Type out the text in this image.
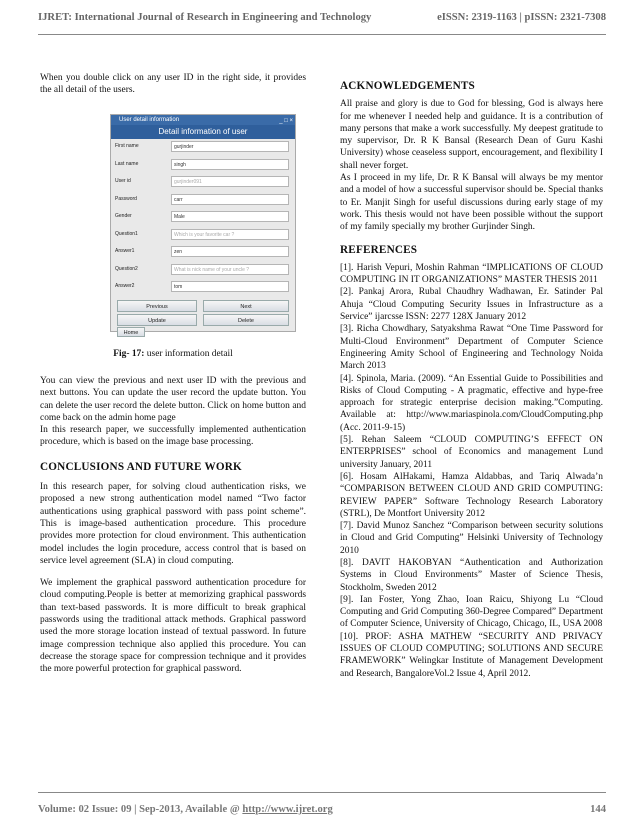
IJRET: International Journal of Research in Engineering and Technology	eISSN: 2319-1163 | pISSN: 2321-7308

When you double click on any user ID in the right side, it provides the all detail of the users.

User detail information	_ □ ×
Detail information of user
First name	gurjinder
Last name	singh
User id	gurjinder091
Password	carr
Gender	Male
Question1	Which is your favorite car ?
Answer1	zen
Question2	What is nick name of your uncle ?
Answer2	tom
Previous	Next
Update	Delete
Home
Fig- 17: user information detail

You can view the previous and next user ID with the previous and next buttons. You can update the user record the update button. You can delete the user record the delete button. Click on home button and come back on the admin home page

In this research paper, we successfully implemented authentication procedure, which is based on the image base processing.

CONCLUSIONS AND FUTURE WORK

In this research paper, for solving cloud authentication risks, we proposed a new strong authentication model named “Two factor authentications using graphical password with pass point scheme”. This is image-based authentication procedure. This procedure provides more protection for cloud environment. This authentication model includes the login procedure, access control that is based on service level agreement (SLA) in cloud computing.

We implement the graphical password authentication procedure for cloud computing.People is better at memorizing graphical passwords than text-based passwords. It is more difficult to break graphical passwords using the traditional attack methods. Graphical password used the more storage location instead of textual password. In future image compression technique also applied this procedure. You can decrease the storage space for compression technique and it provides the more powerful protection for graphical password.

ACKNOWLEDGEMENTS

All praise and glory is due to God for blessing, God is always here for me whenever I needed help and guidance. It is a contribution of many persons that make a work successfully. My deepest gratitude to my supervisor, Dr. R K Bansal (Research Dean of Guru Kashi University) whose ceaseless support, encouragement, and flexibility I shall never forget.

As I proceed in my life, Dr. R K Bansal will always be my mentor and a model of how a successful supervisor should be. Special thanks to Er. Manjit Singh for useful discussions during early stage of my work. This thesis would not have been possible without the support of my family specially my brother Gurjinder Singh.

REFERENCES

[1]. Harish Vepuri, Moshin Rahman “IMPLICATIONS OF CLOUD COMPUTING IN IT ORGANIZATIONS” MASTER THESIS 2011

[2]. Pankaj Arora, Rubal Chaudhry Wadhawan, Er. Satinder Pal Ahuja “Cloud Computing Security Issues in Infrastructure as a Service” ijarcsse ISSN: 2277 128X January 2012

[3]. Richa Chowdhary, Satyakshma Rawat “One Time Password for Multi-Cloud Environment” Department of Computer Science Engineering Amity School of Engineering and Technology Noida March 2013

[4]. Spinola, Maria. (2009). “An Essential Guide to Possibilities and Risks of Cloud Computing - A pragmatic, effective and hype-free approach for strategic enterprise decision making.”Computing. Available at: http://www.mariaspinola.com/CloudComputing.php (Acc. 2011-9-15)

[5]. Rehan Saleem “CLOUD COMPUTING’S EFFECT ON ENTERPRISES” school of Economics and management Lund university January, 2011

[6]. Hosam AlHakami, Hamza Aldabbas, and Tariq Alwada’n “COMPARISON BETWEEN CLOUD AND GRID COMPUTING: REVIEW PAPER” Software Technology Research Laboratory (STRL), De Montfort University 2012

[7]. David Munoz Sanchez “Comparison between security solutions in Cloud and Grid Computing” Helsinki University of Technology 2010

[8]. DAVIT HAKOBYAN “Authentication and Authorization Systems in Cloud Environments” Master of Science Thesis, Stockholm, Sweden 2012

[9]. Ian Foster, Yong Zhao, Ioan Raicu, Shiyong Lu “Cloud Computing and Grid Computing 360-Degree Compared” Department of Computer Science, University of Chicago, Chicago, IL, USA 2008

[10]. PROF: ASHA MATHEW “SECURITY AND PRIVACY ISSUES OF CLOUD COMPUTING; SOLUTIONS AND SECURE FRAMEWORK” Welingkar Institute of Management Development and Research, BangaloreVol.2 Issue 4, April 2012.

Volume: 02 Issue: 09 | Sep-2013, Available @ http://www.ijret.org	144
